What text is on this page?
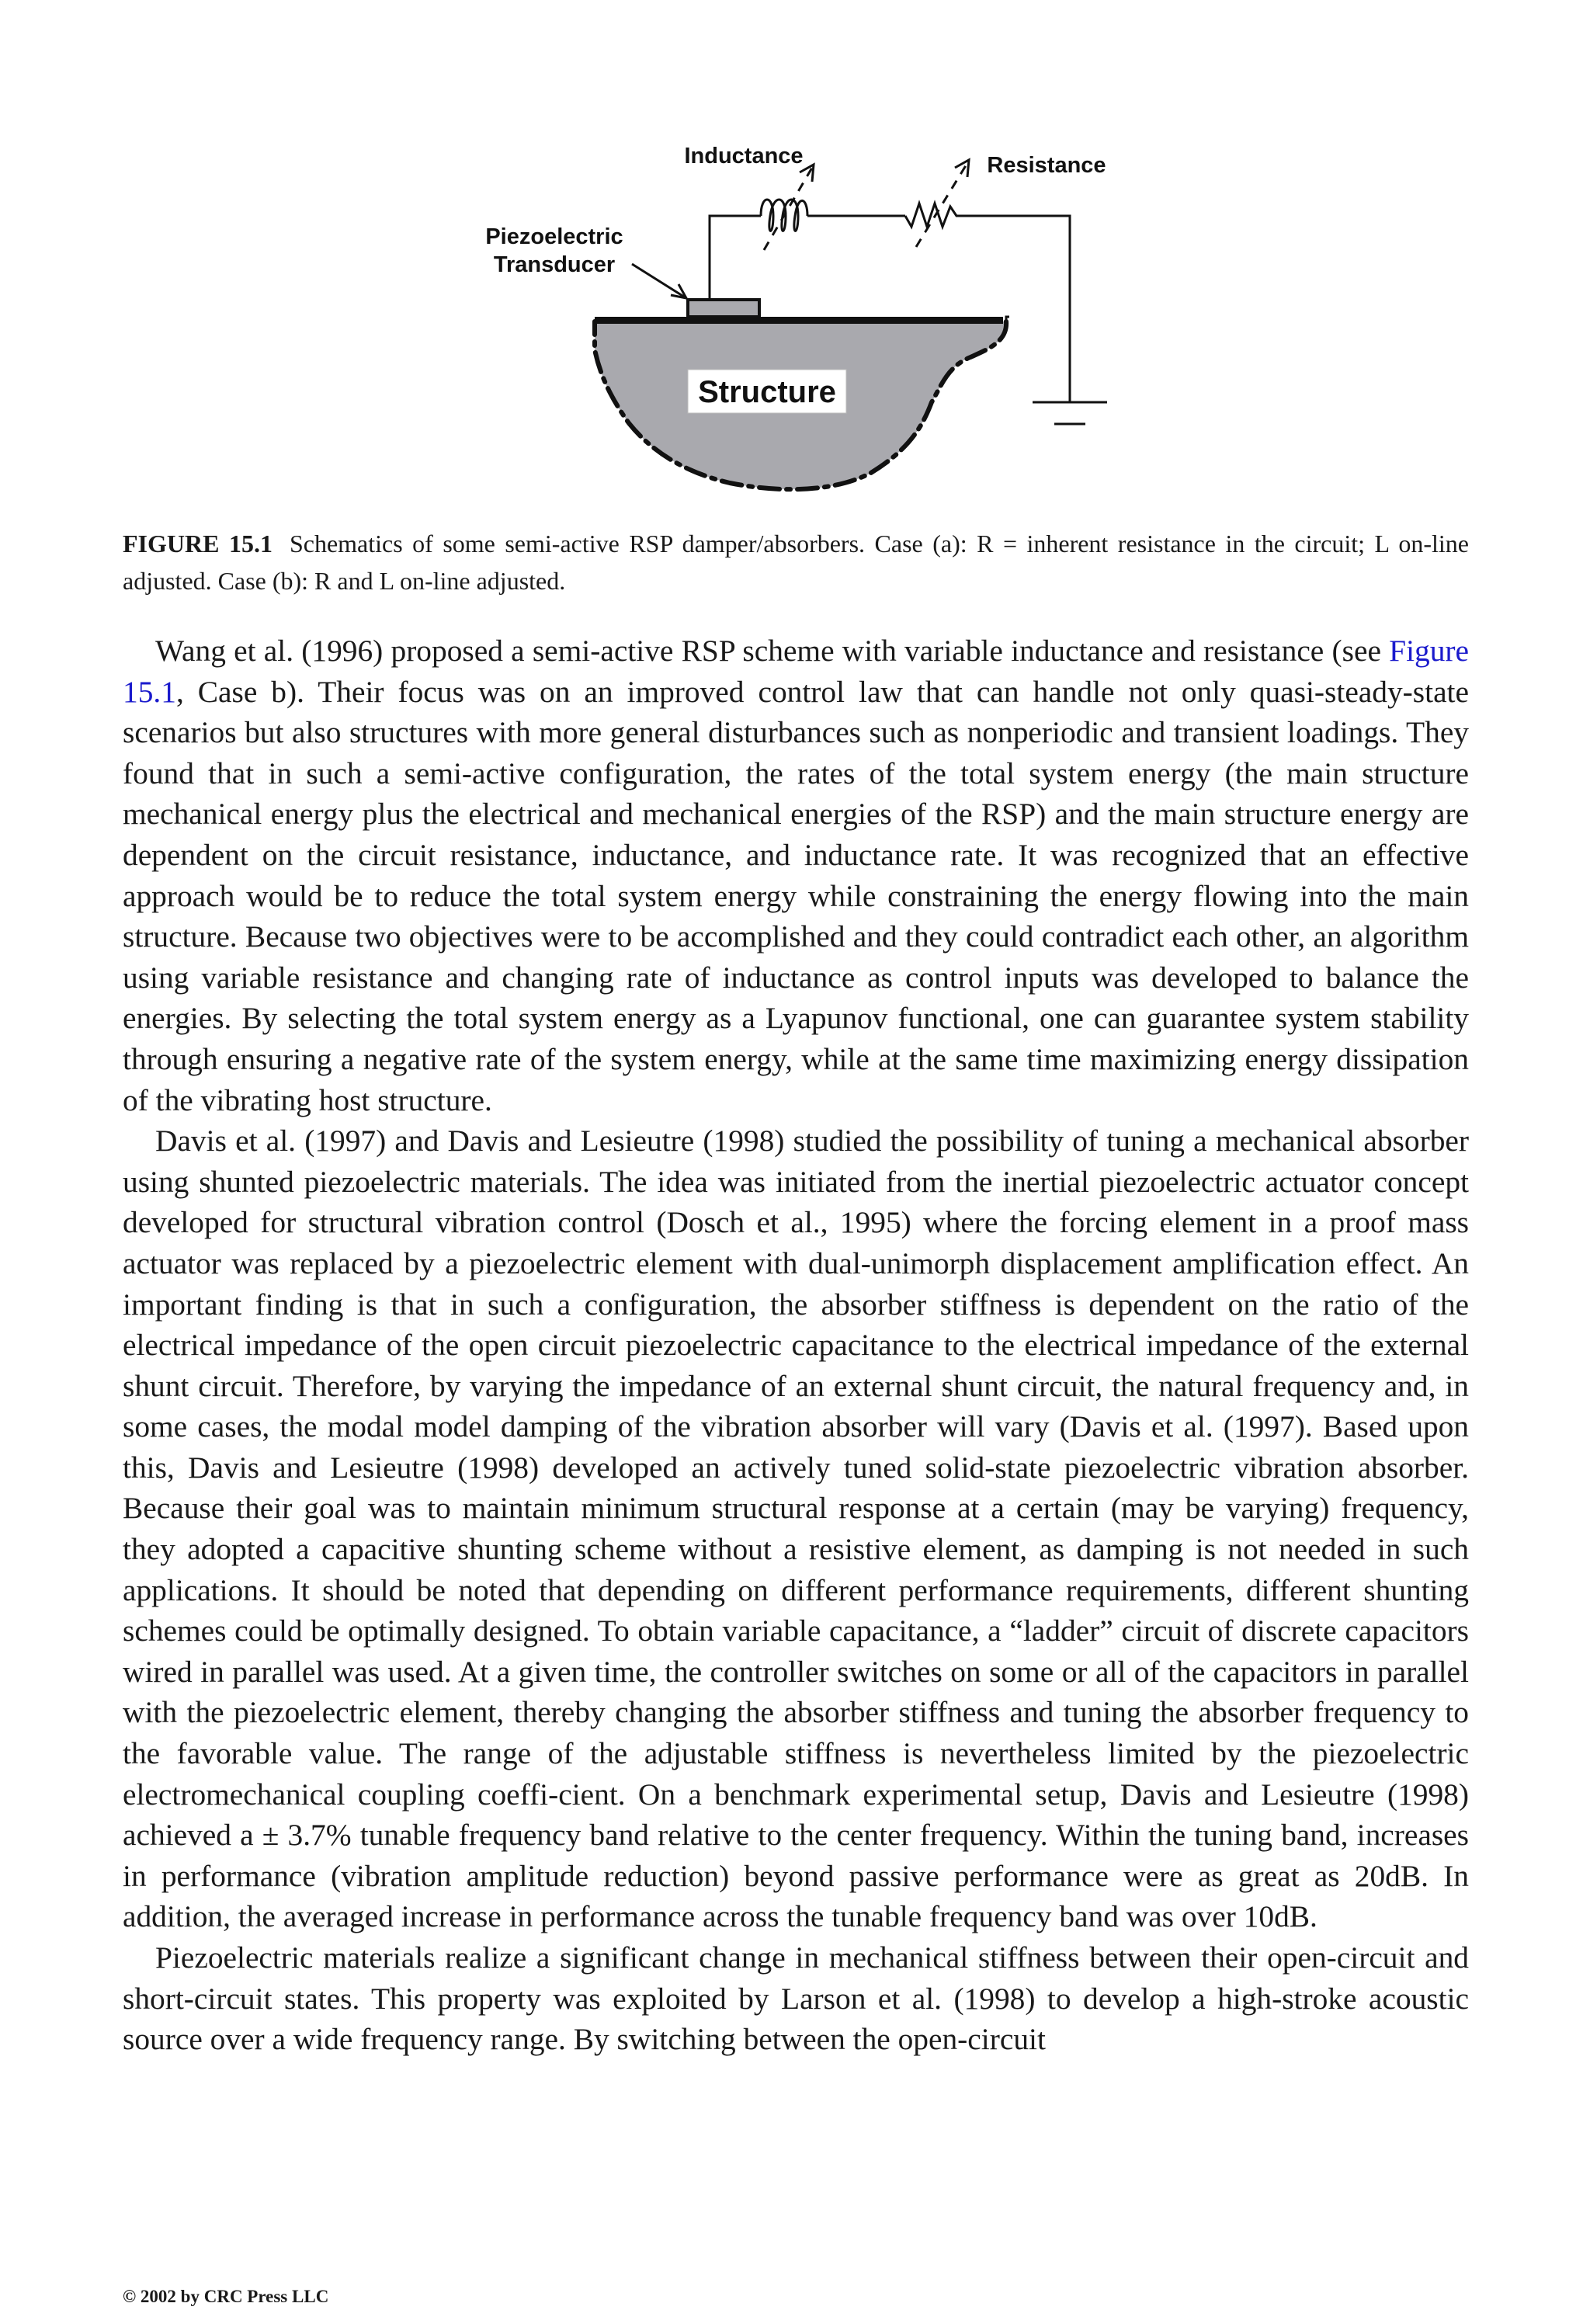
Structure
Inductance	Resistance
Piezoelectric
Transducer
FIGURE 15.1 Schematics of some semi-active RSP damper/absorbers. Case (a): R = inherent resistance in the circuit; L on-line adjusted. Case (b): R and L on-line adjusted.

Wang et al. (1996) proposed a semi-active RSP scheme with variable inductance and resistance (see Figure 15.1, Case b). Their focus was on an improved control law that can handle not only quasi-steady-state scenarios but also structures with more general disturbances such as nonperiodic and transient loadings. They found that in such a semi-active configuration, the rates of the total system energy (the main structure mechanical energy plus the electrical and mechanical energies of the RSP) and the main structure energy are dependent on the circuit resistance, inductance, and inductance rate. It was recognized that an effective approach would be to reduce the total system energy while constraining the energy flowing into the main structure. Because two objectives were to be accomplished and they could contradict each other, an algorithm using variable resistance and changing rate of inductance as control inputs was developed to balance the energies. By selecting the total system energy as a Lyapunov functional, one can guarantee system stability through ensuring a negative rate of the system energy, while at the same time maximizing energy dissipation of the vibrating host structure.

Davis et al. (1997) and Davis and Lesieutre (1998) studied the possibility of tuning a mechanical absorber using shunted piezoelectric materials. The idea was initiated from the inertial piezoelectric actuator concept developed for structural vibration control (Dosch et al., 1995) where the forcing element in a proof mass actuator was replaced by a piezoelectric element with dual-unimorph displacement amplification effect. An important finding is that in such a configuration, the absorber stiffness is dependent on the ratio of the electrical impedance of the open circuit piezoelectric capacitance to the electrical impedance of the external shunt circuit. Therefore, by varying the impedance of an external shunt circuit, the natural frequency and, in some cases, the modal model damping of the vibration absorber will vary (Davis et al. (1997). Based upon this, Davis and Lesieutre (1998) developed an actively tuned solid-state piezoelectric vibration absorber. Because their goal was to maintain minimum structural response at a certain (may be varying) frequency, they adopted a capacitive shunting scheme without a resistive element, as damping is not needed in such applications. It should be noted that depending on different performance requirements, different shunting schemes could be optimally designed. To obtain variable capacitance, a “ladder” circuit of discrete capacitors wired in parallel was used. At a given time, the controller switches on some or all of the capacitors in parallel with the piezoelectric element, thereby changing the absorber stiffness and tuning the absorber frequency to the favorable value. The range of the adjustable stiffness is nevertheless limited by the piezoelectric electromechanical coupling coeffi-cient. On a benchmark experimental setup, Davis and Lesieutre (1998) achieved a ± 3.7% tunable frequency band relative to the center frequency. Within the tuning band, increases in performance (vibration amplitude reduction) beyond passive performance were as great as 20dB. In addition, the averaged increase in performance across the tunable frequency band was over 10dB.

Piezoelectric materials realize a significant change in mechanical stiffness between their open-circuit and short-circuit states. This property was exploited by Larson et al. (1998) to develop a high-stroke acoustic source over a wide frequency range. By switching between the open-circuit

© 2002 by CRC Press LLC
